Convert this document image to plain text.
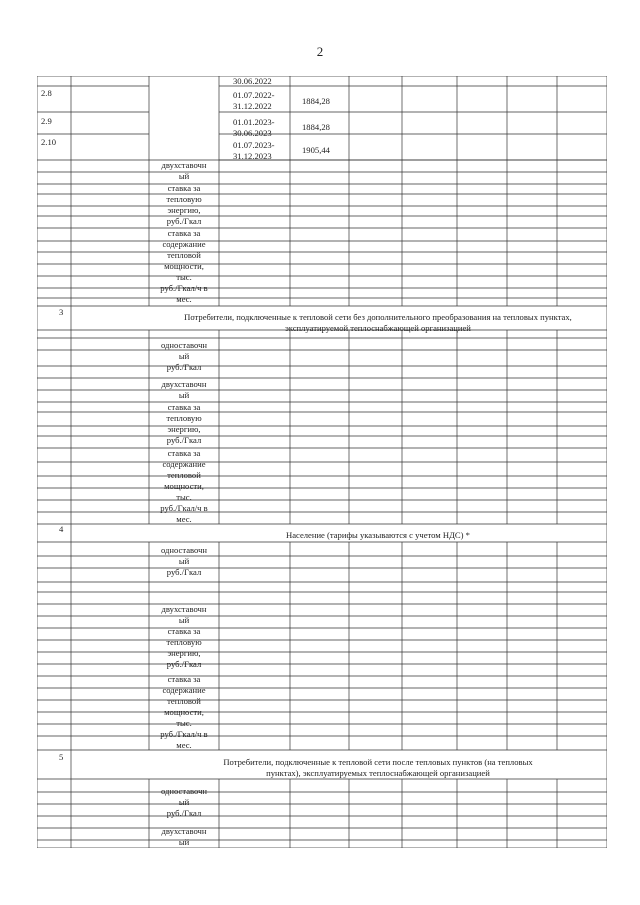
2
2.8
2.9
2.10
30.06.2022
01.07.2022-
31.12.2022
01.01.2023-
30.06.2023
01.07.2023-
31.12.2023
1884,28
1884,28
1905,44
двухставочн
ый
ставка за
тепловую
энергию,
руб./Гкал
ставка за
содержание
тепловой
мощности,
тыс.
руб./Гкал/ч в
мес.
3	Потребители, подключенные к тепловой сети без дополнительного преобразования на тепловых пунктах,
эксплуатируемой теплоснабжающей организацией
одноставочн
ый
руб./Гкал
двухставочн
ый
ставка за
тепловую
энергию,
руб./Гкал
ставка за
содержание
тепловой
мощности,
тыс.
руб./Гкал/ч в
мес.
4
Население (тарифы указываются с учетом НДС) *
одноставочн
ый
руб./Гкал
двухставочн
ый
ставка за
тепловую
энергию,
руб./Гкал
ставка за
содержание
тепловой
мощности,
тыс.
руб./Гкал/ч в
мес.
5	Потребители, подключенные к тепловой сети после тепловых пунктов (на тепловых
пунктах), эксплуатируемых теплоснабжающей организацией
одноставочн
ый
руб./Гкал
двухставочн
ый
